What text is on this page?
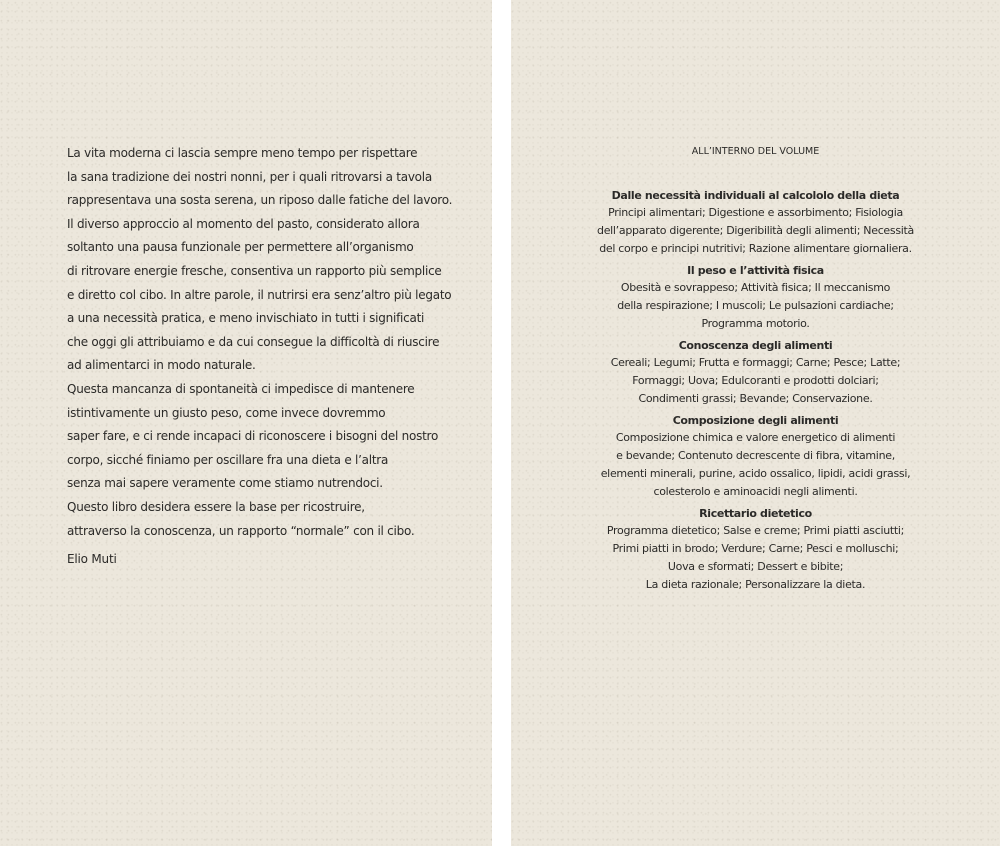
La vita moderna ci lascia sempre meno tempo per rispettare
la sana tradizione dei nostri nonni, per i quali ritrovarsi a tavola
rappresentava una sosta serena, un riposo dalle fatiche del lavoro.
Il diverso approccio al momento del pasto, considerato allora
soltanto una pausa funzionale per permettere all’organismo
di ritrovare energie fresche, consentiva un rapporto più semplice
e diretto col cibo. In altre parole, il nutrirsi era senz’altro più legato
a una necessità pratica, e meno invischiato in tutti i significati
che oggi gli attribuiamo e da cui consegue la difficoltà di riuscire
ad alimentarci in modo naturale.
Questa mancanza di spontaneità ci impedisce di mantenere
istintivamente un giusto peso, come invece dovremmo
saper fare, e ci rende incapaci di riconoscere i bisogni del nostro
corpo, sicché finiamo per oscillare fra una dieta e l’altra
senza mai sapere veramente come stiamo nutrendoci.
Questo libro desidera essere la base per ricostruire,
attraverso la conoscenza, un rapporto “normale” con il cibo.
Elio Muti
ALL’INTERNO DEL VOLUME
Dalle necessità individuali al calcololo della dieta
Principi alimentari; Digestione e assorbimento; Fisiologia
dell’apparato digerente; Digeribilità degli alimenti; Necessità
del corpo e principi nutritivi; Razione alimentare giornaliera.
Il peso e l’attività fisica
Obesità e sovrappeso; Attività fisica; Il meccanismo
della respirazione; I muscoli; Le pulsazioni cardiache;
Programma motorio.
Conoscenza degli alimenti
Cereali; Legumi; Frutta e formaggi; Carne; Pesce; Latte;
Formaggi; Uova; Edulcoranti e prodotti dolciari;
Condimenti grassi; Bevande; Conservazione.
Composizione degli alimenti
Composizione chimica e valore energetico di alimenti
e bevande; Contenuto decrescente di fibra, vitamine,
elementi minerali, purine, acido ossalico, lipidi, acidi grassi,
colesterolo e aminoacidi negli alimenti.
Ricettario dietetico
Programma dietetico; Salse e creme; Primi piatti asciutti;
Primi piatti in brodo; Verdure; Carne; Pesci e molluschi;
Uova e sformati; Dessert e bibite;
La dieta razionale; Personalizzare la dieta.
